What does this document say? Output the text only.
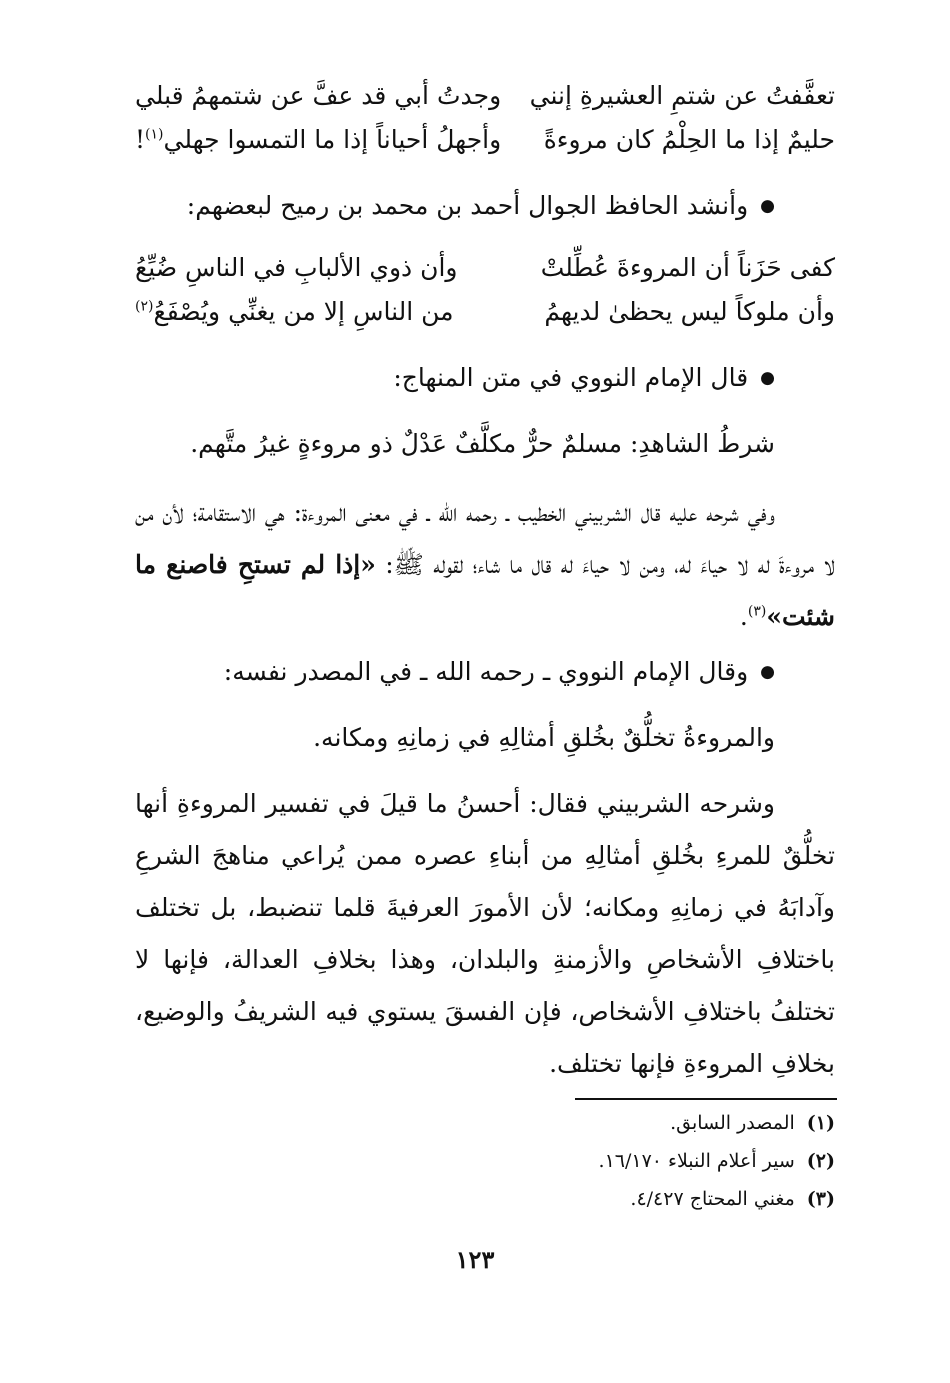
تعفَّفتُ عن شتمِ العشيرةِ إنني
وجدتُ أبي قد عفَّ عن شتمهمُ قبلي
حليمٌ إذا ما الحِلْمُ كان مروءةً
وأجهلُ أحياناً إذا ما التمسوا جهلي$^{(١)}$!
● وأنشد الحافظ الجوال أحمد بن محمد بن رميح لبعضهم:
كفى حَزَناً أن المروءةَ عُطِّلتْ
وأن ذوي الألبابِ في الناسِ ضُيِّعُ
وأن ملوكاً ليس يحظىٰ لديهمُ
من الناسِ إلا من يغنِّي ويُصْفَعُ$^{(٢)}$
● قال الإمام النووي في متن المنهاج:
شرطُ الشاهدِ: مسلمٌ حرٌّ مكلَّفٌ عَدْلٌ ذو مروءةٍ غيرُ متَّهم.
وفي شرحه عليه قال الشربيني الخطيب ـ رحمه الله ـ في معنى المروءة: هي الاستقامة؛ لأن من لا مروءةَ له لا حياءَ له، ومن لا حياءَ له قال ما شاء؛ لقوله ﷺ: «إذا لم تستحِ فاصنع ما شئت»$^{(٣)}$.
● وقال الإمام النووي ـ رحمه الله ـ في المصدر نفسه:
والمروءةُ تخلُّقٌ بخُلقِ أمثالِهِ في زمانِهِ ومكانه.
وشرحه الشربيني فقال: أحسنُ ما قيلَ في تفسير المروءةِ أنها تخلُّقٌ للمرءِ بخُلقِ أمثالِهِ من أبناءِ عصره ممن يُراعي مناهجَ الشرعِ وآدابَهُ في زمانِهِ ومكانه؛ لأن الأمورَ العرفيةَ قلما تنضبط، بل تختلف باختلافِ الأشخاصِ والأزمنةِ والبلدان، وهذا بخلافِ العدالة، فإنها لا تختلفُ باختلافِ الأشخاص، فإن الفسقَ يستوي فيه الشريفُ والوضيع، بخلافِ المروءةِ فإنها تختلف.
(١)المصدر السابق.
(٢)سير أعلام النبلاء ١٦/١٧٠.
(٣)مغني المحتاج ٤/٤٢٧.
١٢٣
